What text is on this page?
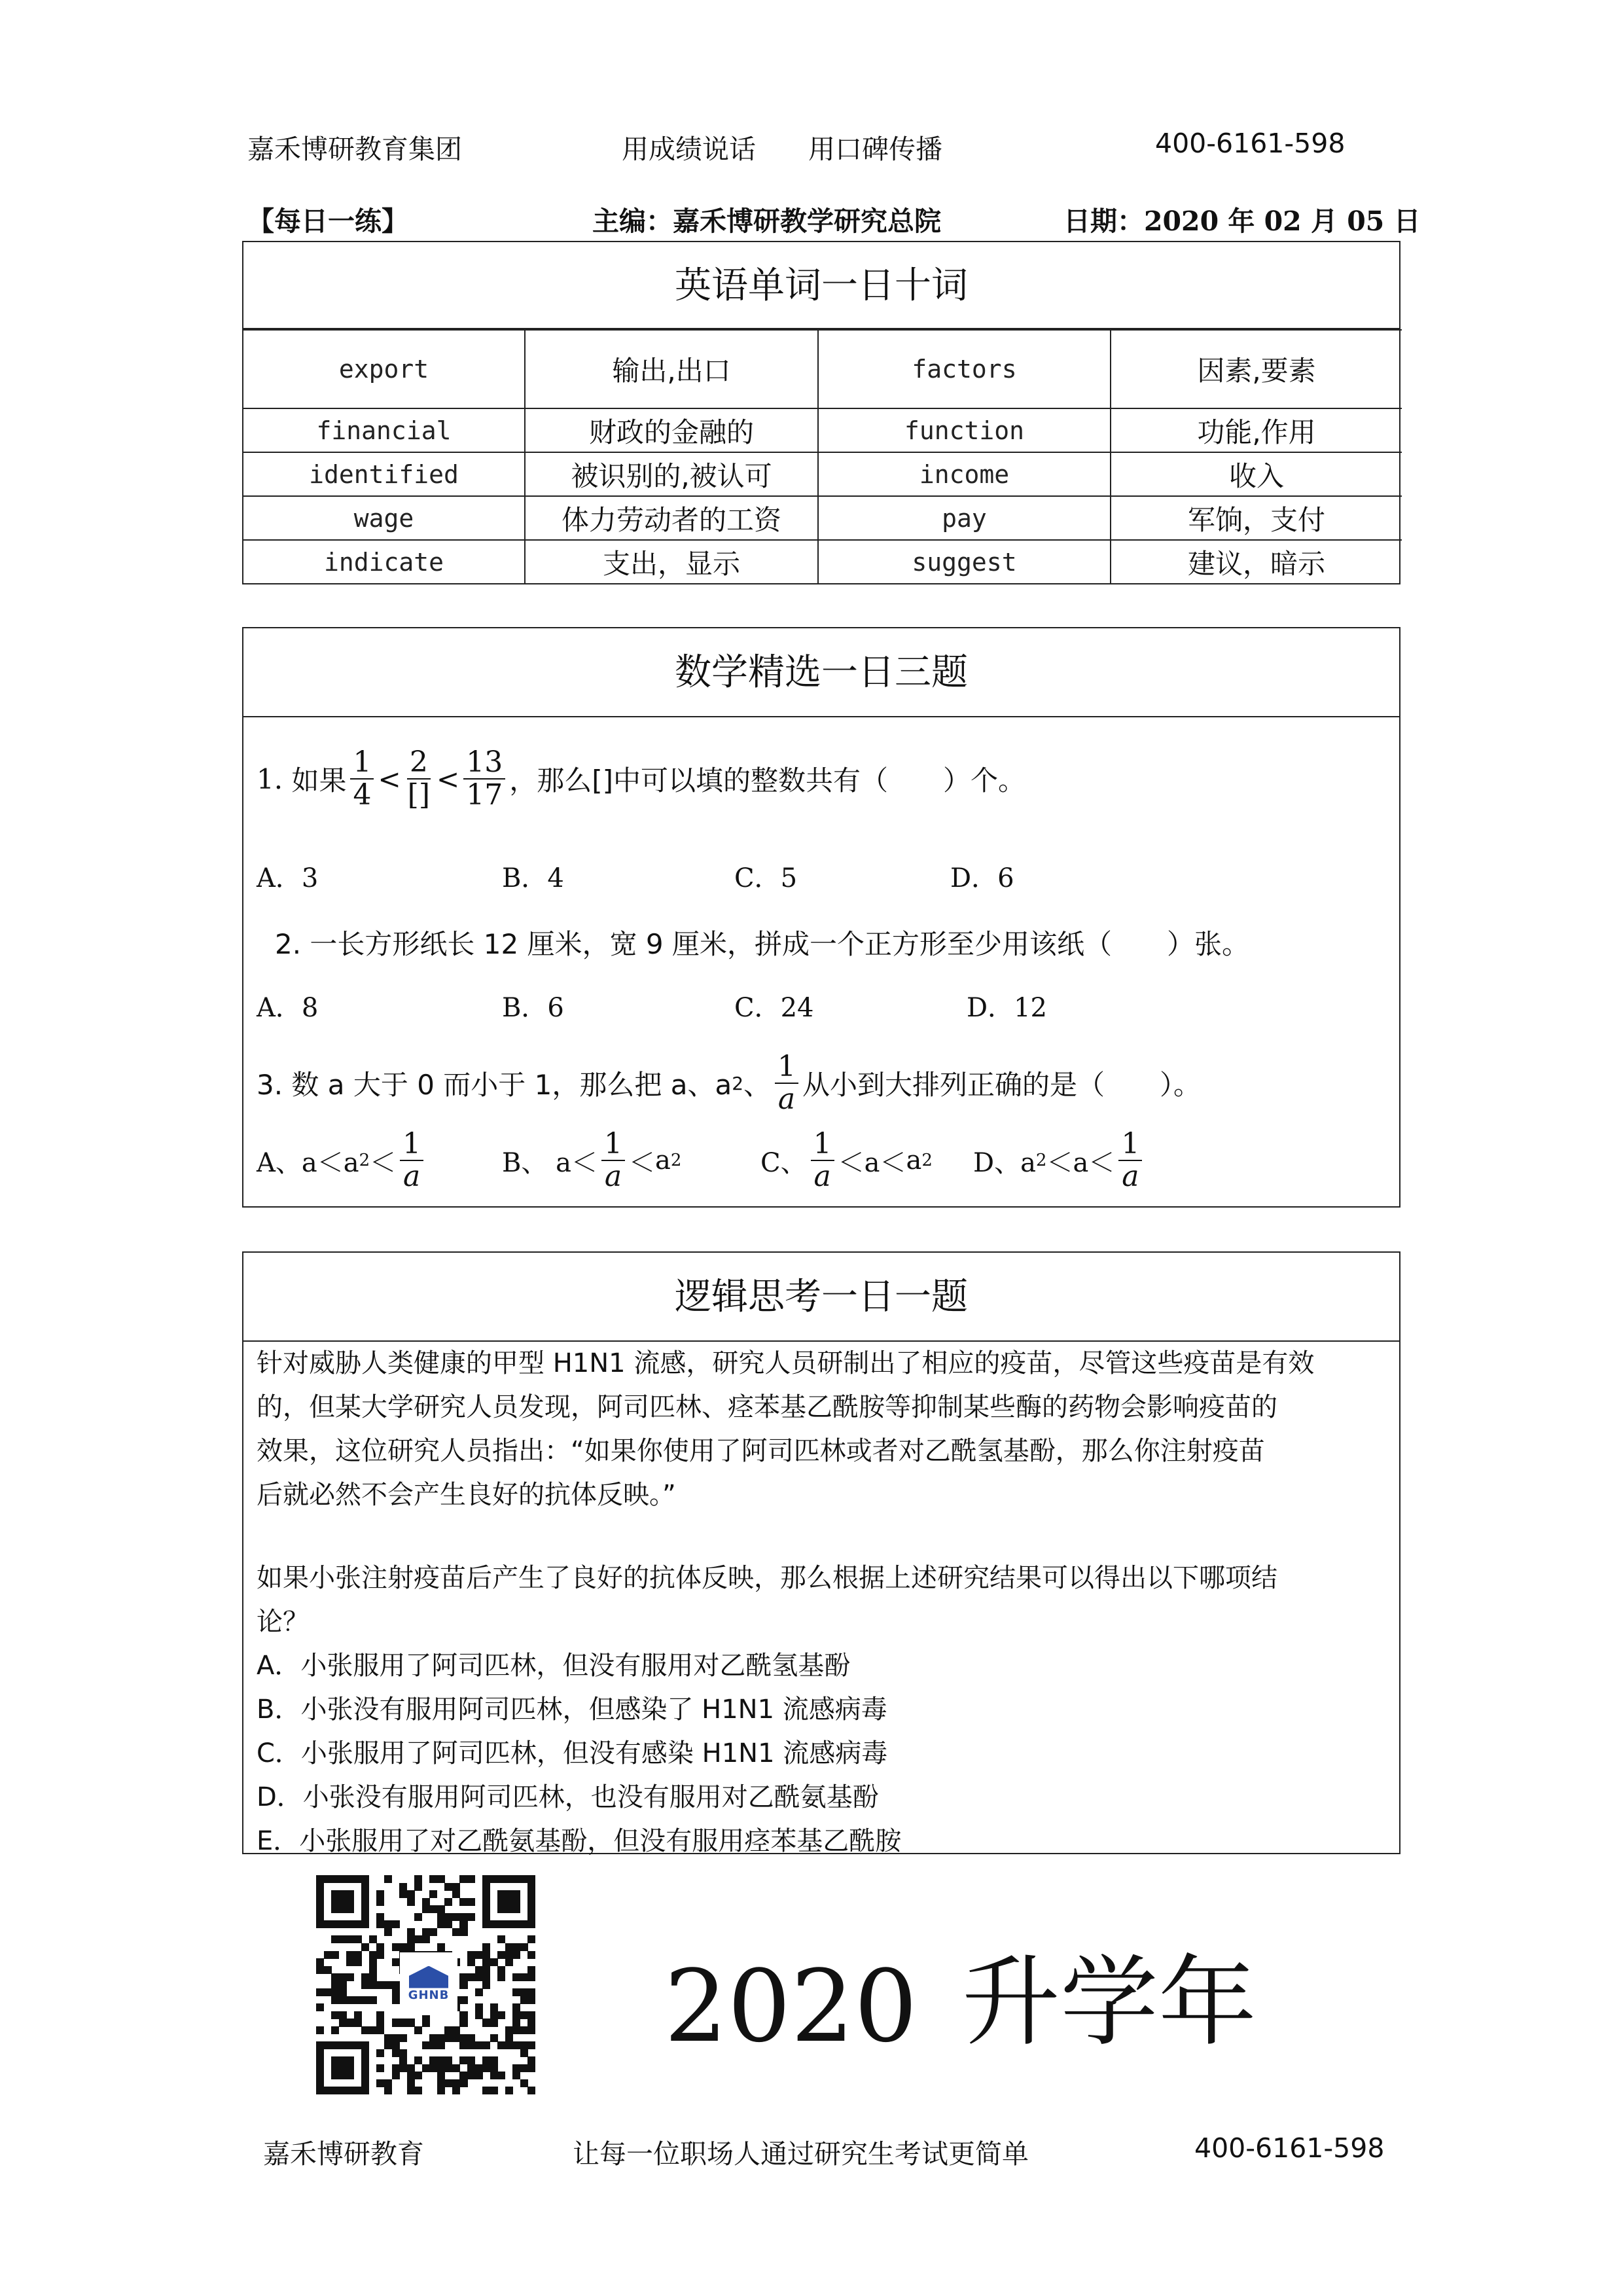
嘉禾博研教育集团	用成绩说话 用口碑传播	400-6161-598
【每日一练】	主编：嘉禾博研教学研究总院	日期：2020 年 02 月 05 日
英语单词一日十词
export	输出,出口	factors	因素,要素
financial	财政的金融的	function	功能,作用
identified	被识别的,被认可	income	收入
wage	体力劳动者的工资	pay	军饷，支付
indicate	支出，显示	suggest	建议，暗示
数学精选一日三题
1.
如果 $\frac{1}{4} < \frac{2}{[]} < \frac{13}{17}$ ，那么[]中可以填的整数共有（　　）个。
A．3	B．4	C．5	D．6
2. 一长方形纸长 12 厘米，宽 9 厘米，拼成一个正方形至少用该纸（　　）张。
A．8	B．6	C．24	D．12
3. 数 a 大于 0 而小于 1，那么把 a、a 2 、 $\frac{1}{a}$ 从小到大排列正确的是（　　）。
A、a＜a $2 < \frac{1}{a}$	B、 $a< \frac{1}{a} < a$ 2	C、 $\frac{1}{a} <a< a$ 2 D、a $2 <a< \frac{1}{a}$
逻辑思考一日一题

针对威胁人类健康的甲型 H1N1 流感，研究人员研制出了相应的疫苗，尽管这些疫苗是有效

的，但某大学研究人员发现，阿司匹林、痉苯基乙酰胺等抑制某些酶的药物会影响疫苗的

效果，这位研究人员指出：“如果你使用了阿司匹林或者对乙酰氢基酚，那么你注射疫苗

后就必然不会产生良好的抗体反映。”

如果小张注射疫苗后产生了良好的抗体反映，那么根据上述研究结果可以得出以下哪项结

论？

A．小张服用了阿司匹林，但没有服用对乙酰氢基酚

B．小张没有服用阿司匹林，但感染了 H1N1 流感病毒

C．小张服用了阿司匹林，但没有感染 H1N1 流感病毒

D．小张没有服用阿司匹林，也没有服用对乙酰氨基酚

E．小张服用了对乙酰氨基酚，但没有服用痉苯基乙酰胺

GHNB 2020 升学年
嘉禾博研教育	让每一位职场人通过研究生考试更简单	400-6161-598
